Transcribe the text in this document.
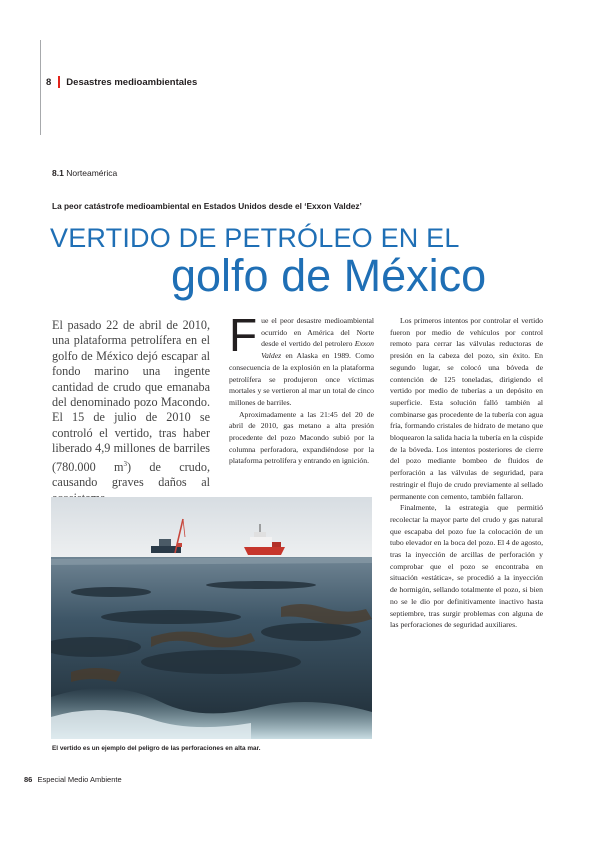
8 Desastres medioambientales
8.1 Norteamérica
La peor catástrofe medioambiental en Estados Unidos desde el ‘Exxon Valdez’
VERTIDO DE PETRÓLEO EN EL
golfo de México
El pasado 22 de abril de 2010, una plataforma petrolífera en el golfo de México dejó escapar al fondo marino una ingente cantidad de crudo que emanaba del denominado pozo Macondo. El 15 de julio de 2010 se controló el vertido, tras haber liberado 4,9 millones de barriles (780.000 $m^3$) de crudo, causando graves daños al

Fue el peor desastre medioambiental ocurrido en América del Norte desde el vertido del petrolero Exxon Valdez en Alaska en 1989. Como consecuencia de la explosión en la plataforma petrolífera se produjeron once víctimas mortales y se vertieron al mar un total de cinco millones de barriles.

Aproximadamente a las 21:45 del 20 de abril de 2010, gas metano a alta presión procedente del pozo Macondo subió por la columna perforadora, expandiéndose por la plataforma petrolífera y entrando en ignición.

Los primeros intentos por controlar el vertido fueron por medio de vehículos por control remoto para cerrar las válvulas reductoras de presión en la cabeza del pozo, sin éxito. En segundo lugar, se colocó una bóveda de contención de 125 toneladas, dirigiendo el vertido por medio de tuberías a un depósito en superficie. Esta solución falló también al combinarse gas procedente de la tubería con agua fría, formando cristales de hidrato de metano que bloquearon la salida hacia la tubería en la cúspide de la bóveda. Los intentos posteriores de cierre del pozo mediante bombeo de fluidos de perforación a las válvulas de seguridad, para restringir el flujo de crudo previamente al sellado permanente con cemento, también fallaron.

Finalmente, la estrategia que permitió recolectar la mayor parte del crudo y gas natural que escapaba del pozo fue la colocación de un tubo elevador en la boca del pozo. El 4 de agosto, tras la inyección de arcillas de perforación y comprobar que el pozo se encontraba en situación «estática», se procedió a la inyección de hormigón, sellando totalmente el pozo, si bien no se le dio por definitivamente inactivo hasta septiembre, tras surgir problemas con alguna de las perforaciones de seguridad auxiliares.

El vertido es un ejemplo del peligro de las perforaciones en alta mar.
86 Especial Medio Ambiente
